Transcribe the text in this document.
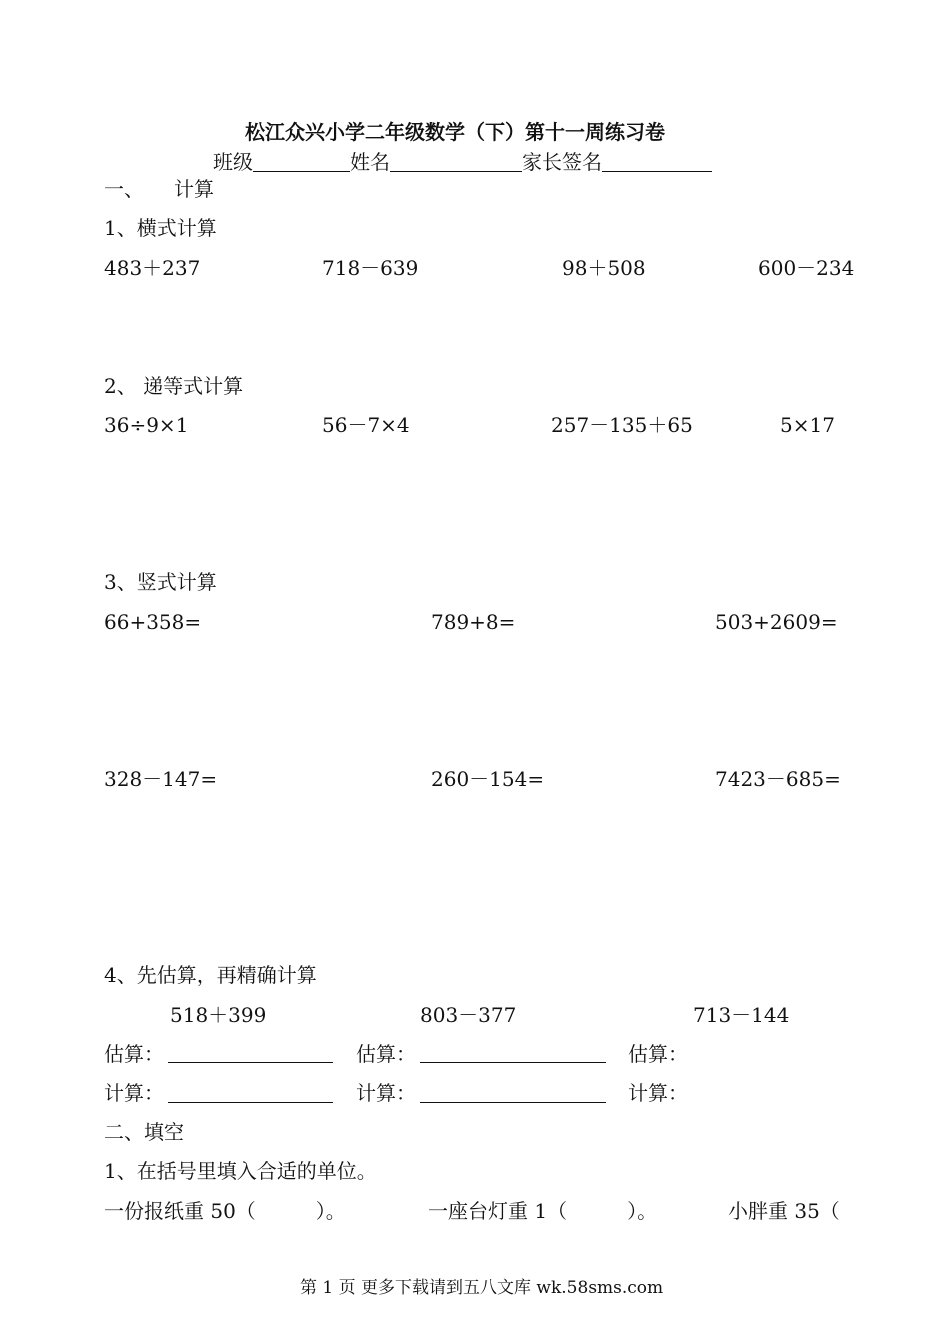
松江众兴小学二年级数学（下）第十一周练习卷
班级	姓名	家长签名
一、　　计算
1、横式计算
483＋237	718－639	98＋508	600－234
2、 递等式计算
36÷9×1	56－7×4	257－135＋65	5×17
3、竖式计算
66+358=	789+8=	503+2609=
328－147=	260－154=	7423－685=
4、先估算，再精确计算
518＋399	803－377	713－144
估算：	估算：	估算：
计算：	计算：	计算：
二、填空
1、在括号里填入合适的单位。
一份报纸重 50（　　　）。	一座台灯重 1（　　　）。	小胖重 35（
第 1 页 更多下载请到五八文库 wk.58sms.com
